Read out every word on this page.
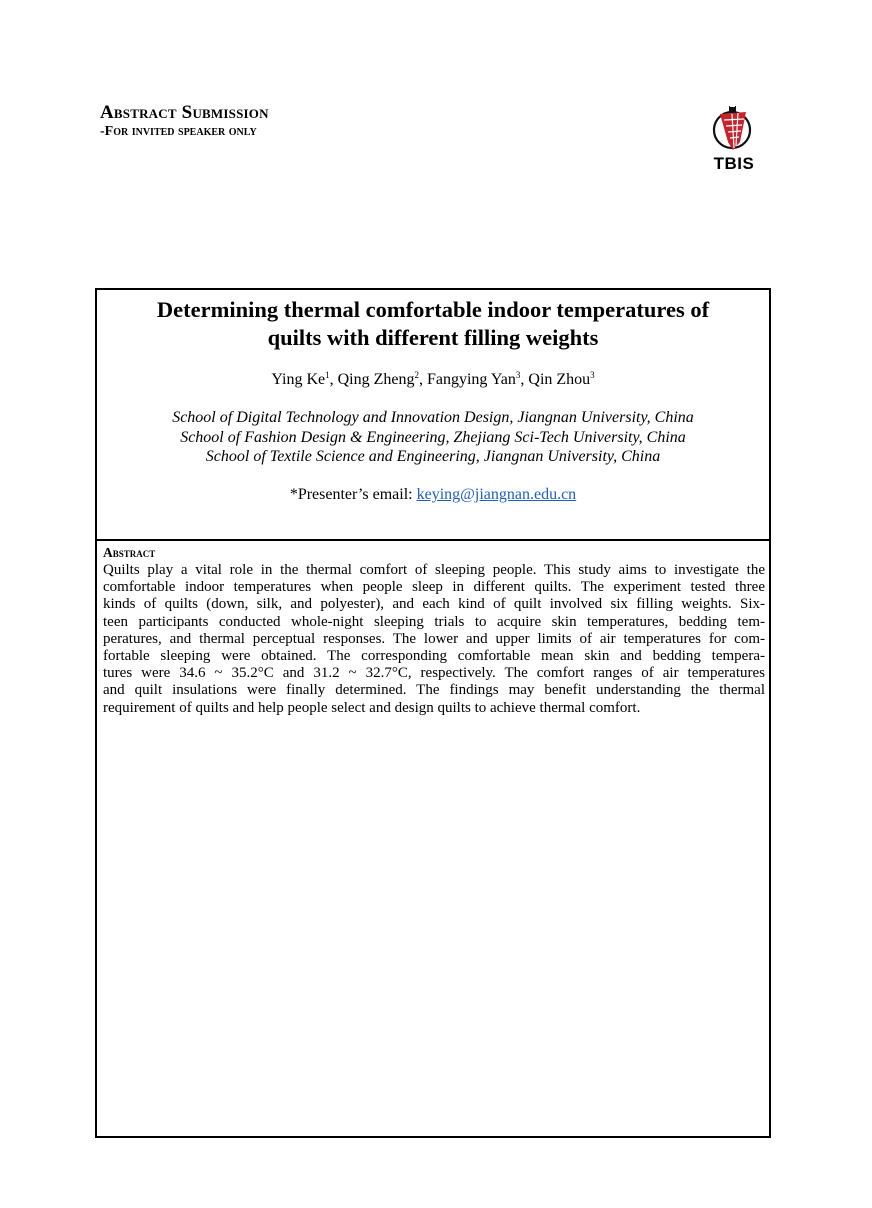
Abstract Submission
-For invited speaker only
TBIS
Determining thermal comfortable indoor temperatures of
quilts with different filling weights
Ying Ke$^1$, Qing Zheng$^2$, Fangying Yan$^3$, Qin Zhou$^3$
School of Digital Technology and Innovation Design, Jiangnan University, China
School of Fashion Design & Engineering, Zhejiang Sci-Tech University, China
School of Textile Science and Engineering, Jiangnan University, China
*Presenter’s email: keying@jiangnan.edu.cn
Abstract
Quilts play a vital role in the thermal comfort of sleeping people. This study aims to investigate the
comfortable indoor temperatures when people sleep in different quilts. The experiment tested three
kinds of quilts (down, silk, and polyester), and each kind of quilt involved six filling weights. Six-
teen participants conducted whole-night sleeping trials to acquire skin temperatures, bedding tem-
peratures, and thermal perceptual responses. The lower and upper limits of air temperatures for com-
fortable sleeping were obtained. The corresponding comfortable mean skin and bedding tempera-
tures were 34.6 ~ 35.2°C and 31.2 ~ 32.7°C, respectively. The comfort ranges of air temperatures
and quilt insulations were finally determined. The findings may benefit understanding the thermal
requirement of quilts and help people select and design quilts to achieve thermal comfort.
